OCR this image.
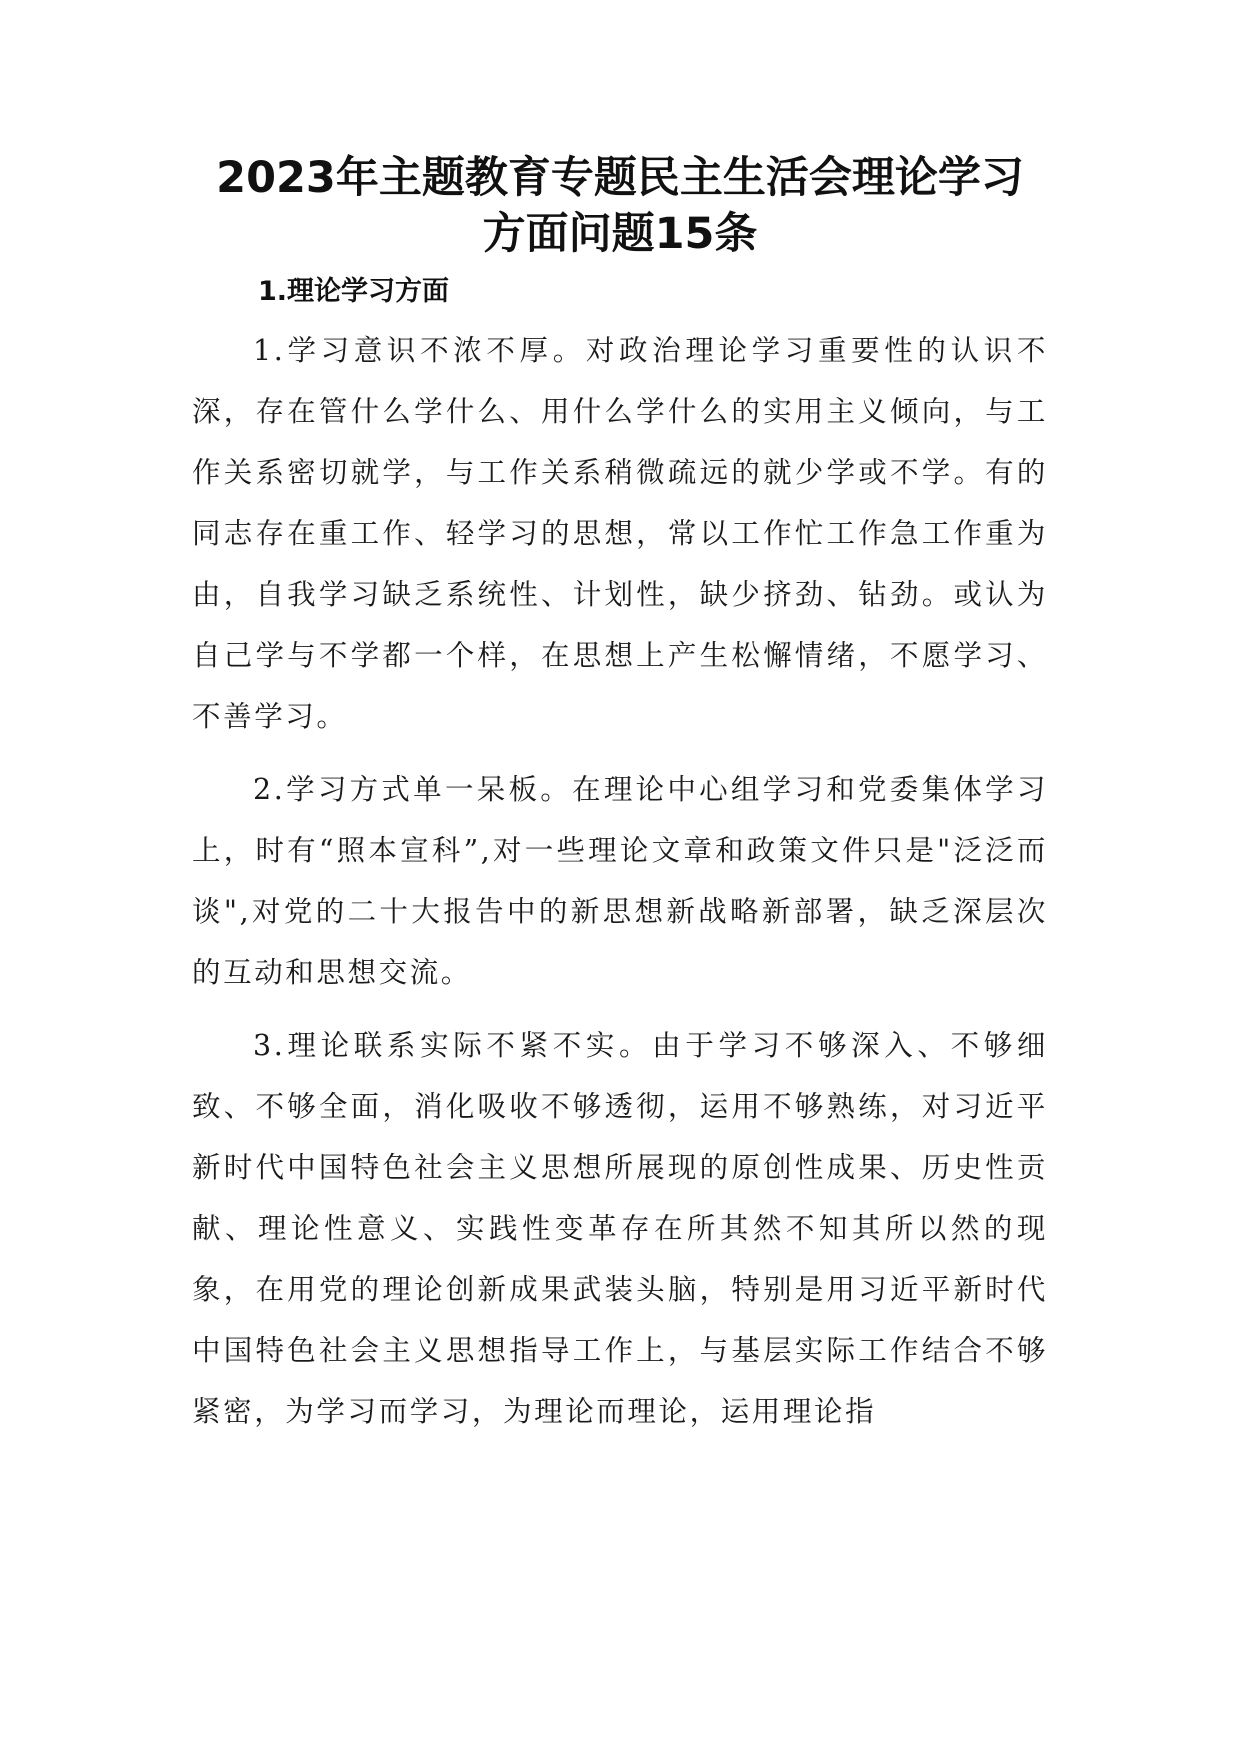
2023年主题教育专题民主生活会理论学习
方面问题15条
1.理论学习方面

1.学习意识不浓不厚。对政治理论学习重要性的认识不深，存在管什么学什么、用什么学什么的实用主义倾向，与工作关系密切就学，与工作关系稍微疏远的就少学或不学。有的同志存在重工作、轻学习的思想，常以工作忙工作急工作重为由，自我学习缺乏系统性、计划性，缺少挤劲、钻劲。或认为自己学与不学都一个样，在思想上产生松懈情绪，不愿学习、不善学习。

2.学习方式单一呆板。在理论中心组学习和党委集体学习上，时有“照本宣科”,对一些理论文章和政策文件只是"泛泛而谈",对党的二十大报告中的新思想新战略新部署，缺乏深层次的互动和思想交流。

3.理论联系实际不紧不实。由于学习不够深入、不够细致、不够全面，消化吸收不够透彻，运用不够熟练，对习近平新时代中国特色社会主义思想所展现的原创性成果、历史性贡献、理论性意义、实践性变革存在所其然不知其所以然的现象，在用党的理论创新成果武装头脑，特别是用习近平新时代中国特色社会主义思想指导工作上，与基层实际工作结合不够紧密，为学习而学习，为理论而理论，运用理论指
